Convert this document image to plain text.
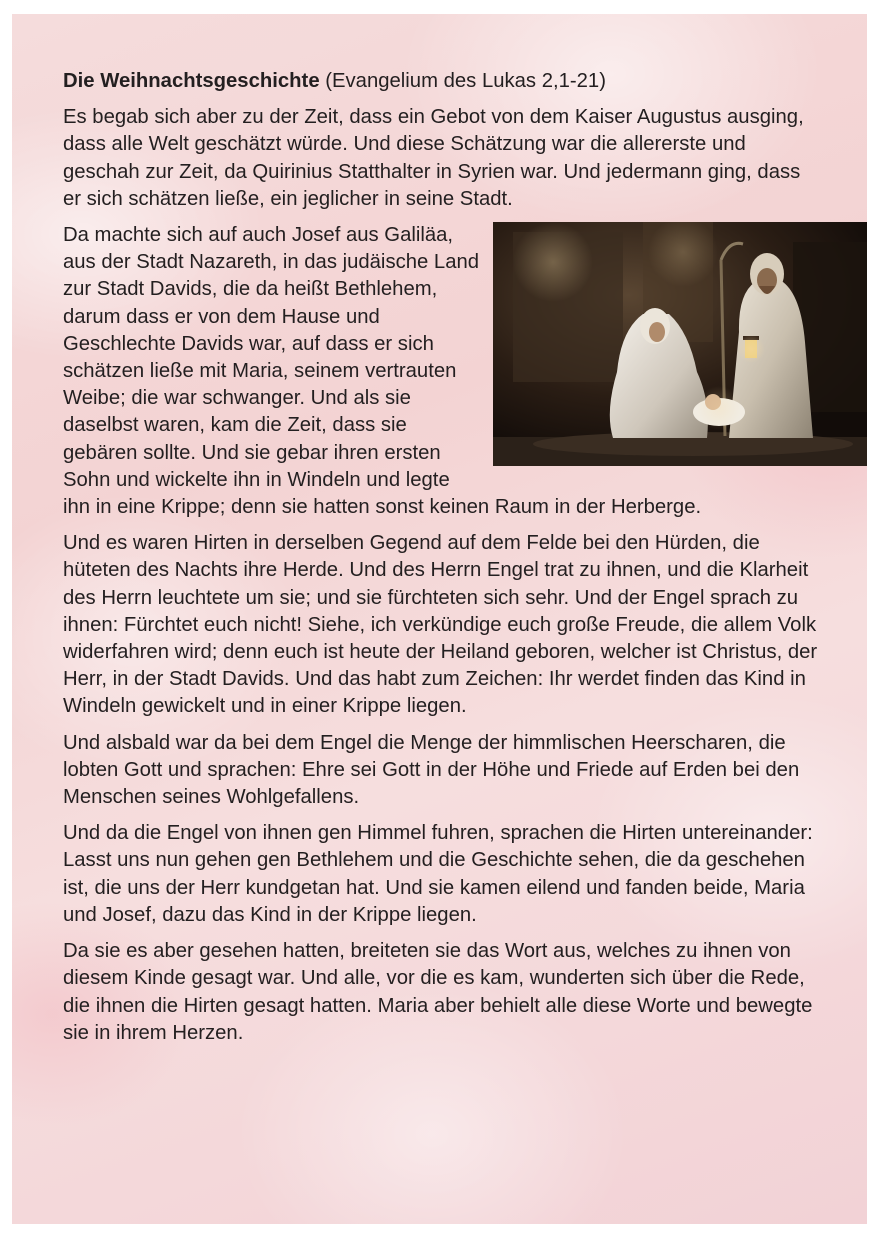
Die Weihnachtsgeschichte (Evangelium des Lukas 2,1-21)

Es begab sich aber zu der Zeit, dass ein Gebot von dem Kaiser Augustus ausging, dass alle Welt geschätzt würde. Und diese Schätzung war die allererste und geschah zur Zeit, da Quirinius Statthalter in Syrien war. Und jedermann ging, dass er sich schätzen ließe, ein jeglicher in seine Stadt.

Da machte sich auf auch Josef aus Galiläa, aus der Stadt Nazareth, in das judäische Land zur Stadt Davids, die da heißt Bethlehem, darum dass er von dem Hause und Geschlechte Davids war, auf dass er sich schätzen ließe mit Maria, seinem vertrauten Weibe; die war schwanger. Und als sie daselbst waren, kam die Zeit, dass sie gebären sollte. Und sie gebar ihren ersten Sohn und wickelte ihn in Windeln und legte ihn in eine Krippe; denn sie hatten sonst keinen Raum in der Herberge.

Und es waren Hirten in derselben Gegend auf dem Felde bei den Hürden, die hüteten des Nachts ihre Herde. Und des Herrn Engel trat zu ihnen, und die Klarheit des Herrn leuchtete um sie; und sie fürchteten sich sehr. Und der Engel sprach zu ihnen: Fürchtet euch nicht! Siehe, ich verkündige euch große Freude, die allem Volk widerfahren wird; denn euch ist heute der Heiland geboren, welcher ist Christus, der Herr, in der Stadt Davids. Und das habt zum Zeichen: Ihr werdet finden das Kind in Windeln gewickelt und in einer Krippe liegen.

Und alsbald war da bei dem Engel die Menge der himmlischen Heerscharen, die lobten Gott und sprachen: Ehre sei Gott in der Höhe und Friede auf Erden bei den Menschen seines Wohlgefallens.

Und da die Engel von ihnen gen Himmel fuhren, sprachen die Hirten untereinander: Lasst uns nun gehen gen Bethlehem und die Geschichte sehen, die da geschehen ist, die uns der Herr kundgetan hat. Und sie kamen eilend und fanden beide, Maria und Josef, dazu das Kind in der Krippe liegen.

Da sie es aber gesehen hatten, breiteten sie das Wort aus, welches zu ihnen von diesem Kinde gesagt war. Und alle, vor die es kam, wunderten sich über die Rede, die ihnen die Hirten gesagt hatten. Maria aber behielt alle diese Worte und bewegte sie in ihrem Herzen.
